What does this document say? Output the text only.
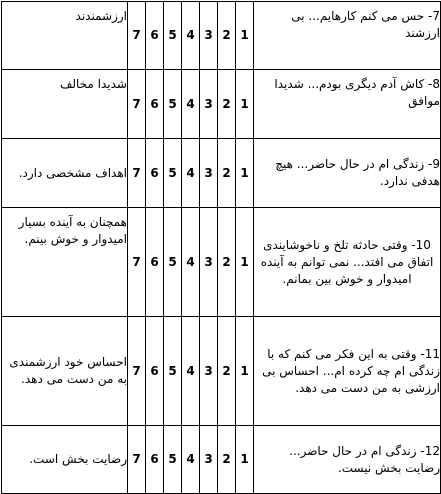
7- حس می کنم کارهایم... بی ارزشند	1	2	3	4	5	6	7	ارزشمندند
8- کاش آدم دیگری بودم... شدیدا موافق	1	2	3	4	5	6	7	شدیدا مخالف
9- زندگی ام در حال حاضر... هیچ هدفی ندارد.	1	2	3	4	5	6	7	اهداف مشخصی دارد.
10- وقتی حادثه تلخ و ناخوشایندی اتفاق می افتد... نمی توانم به آینده امیدوار و خوش بین بمانم.	1	2	3	4	5	6	7	همچنان به آینده بسیار امیدوار و خوش بینم.
11- وقتی به این فکر می کنم که با زندگی ام چه کرده ام... احساس بی ارزشی به من دست می دهد.	1	2	3	4	5	6	7	احساس خود ارزشمندی به من دست می دهد.
12- زندگی ام در حال حاضر... رضایت بخش نیست.	1	2	3	4	5	6	7	رضایت بخش است.
